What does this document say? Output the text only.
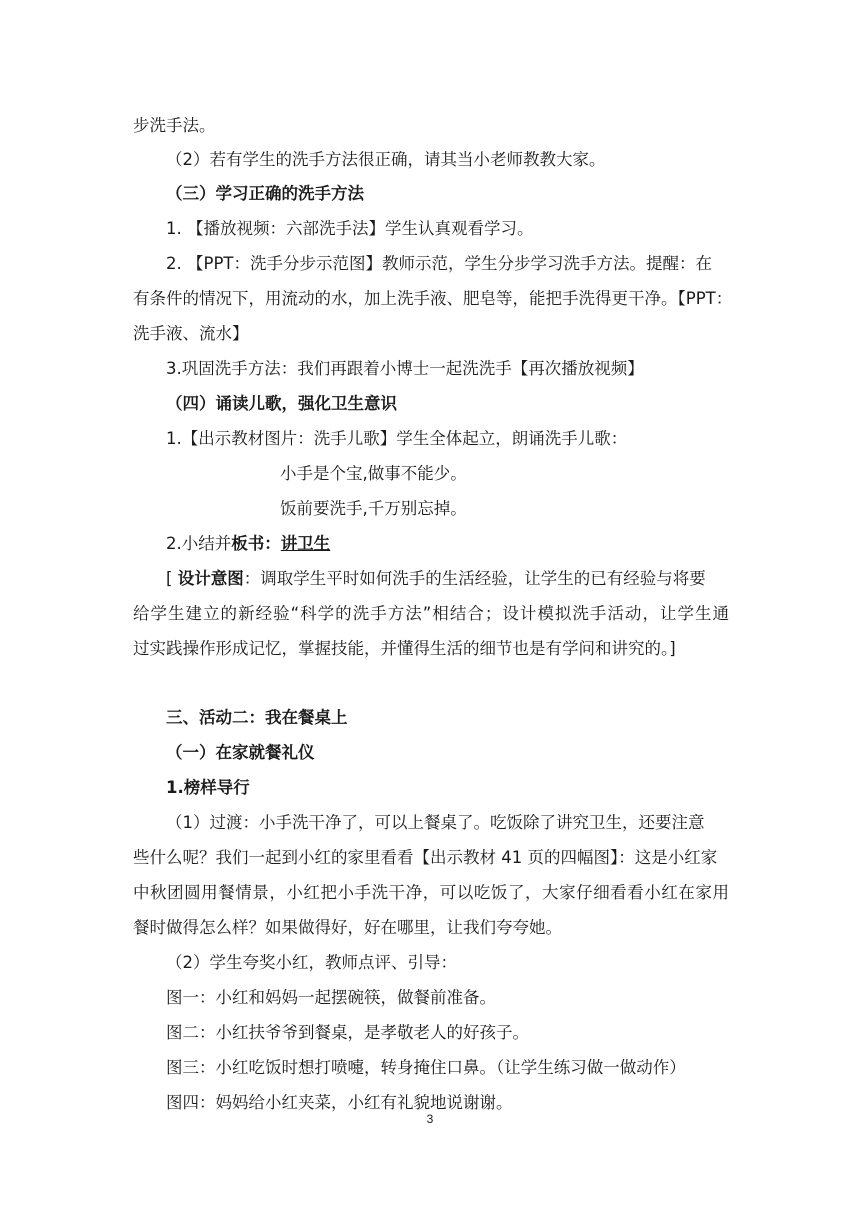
步洗手法。
（2）若有学生的洗手方法很正确，请其当小老师教教大家。
（三）学习正确的洗手方法
1. 【播放视频：六部洗手法】学生认真观看学习。
2. 【PPT：洗手分步示范图】教师示范，学生分步学习洗手方法。提醒：在
有条件的情况下，用流动的水，加上洗手液、肥皂等，能把手洗得更干净。【PPT：
洗手液、流水】
3.巩固洗手方法：我们再跟着小博士一起洗洗手【再次播放视频】
（四）诵读儿歌，强化卫生意识
1.【出示教材图片：洗手儿歌】学生全体起立，朗诵洗手儿歌：
小手是个宝,做事不能少。
饭前要洗手,千万别忘掉。
2.小结并板书：讲卫生
[ 设计意图：调取学生平时如何洗手的生活经验，让学生的已有经验与将要
给学生建立的新经验“科学的洗手方法”相结合；设计模拟洗手活动，让学生通
过实践操作形成记忆，掌握技能，并懂得生活的细节也是有学问和讲究的。]
三、活动二：我在餐桌上
（一）在家就餐礼仪
1.榜样导行
（1）过渡：小手洗干净了，可以上餐桌了。吃饭除了讲究卫生，还要注意
些什么呢？我们一起到小红的家里看看【出示教材 41 页的四幅图】：这是小红家
中秋团圆用餐情景，小红把小手洗干净，可以吃饭了，大家仔细看看小红在家用
餐时做得怎么样？如果做得好，好在哪里，让我们夸夸她。
（2）学生夸奖小红，教师点评、引导：
图一：小红和妈妈一起摆碗筷，做餐前准备。
图二：小红扶爷爷到餐桌，是孝敬老人的好孩子。
图三：小红吃饭时想打喷嚏，转身掩住口鼻。（让学生练习做一做动作）
图四：妈妈给小红夹菜，小红有礼貌地说谢谢。
3
